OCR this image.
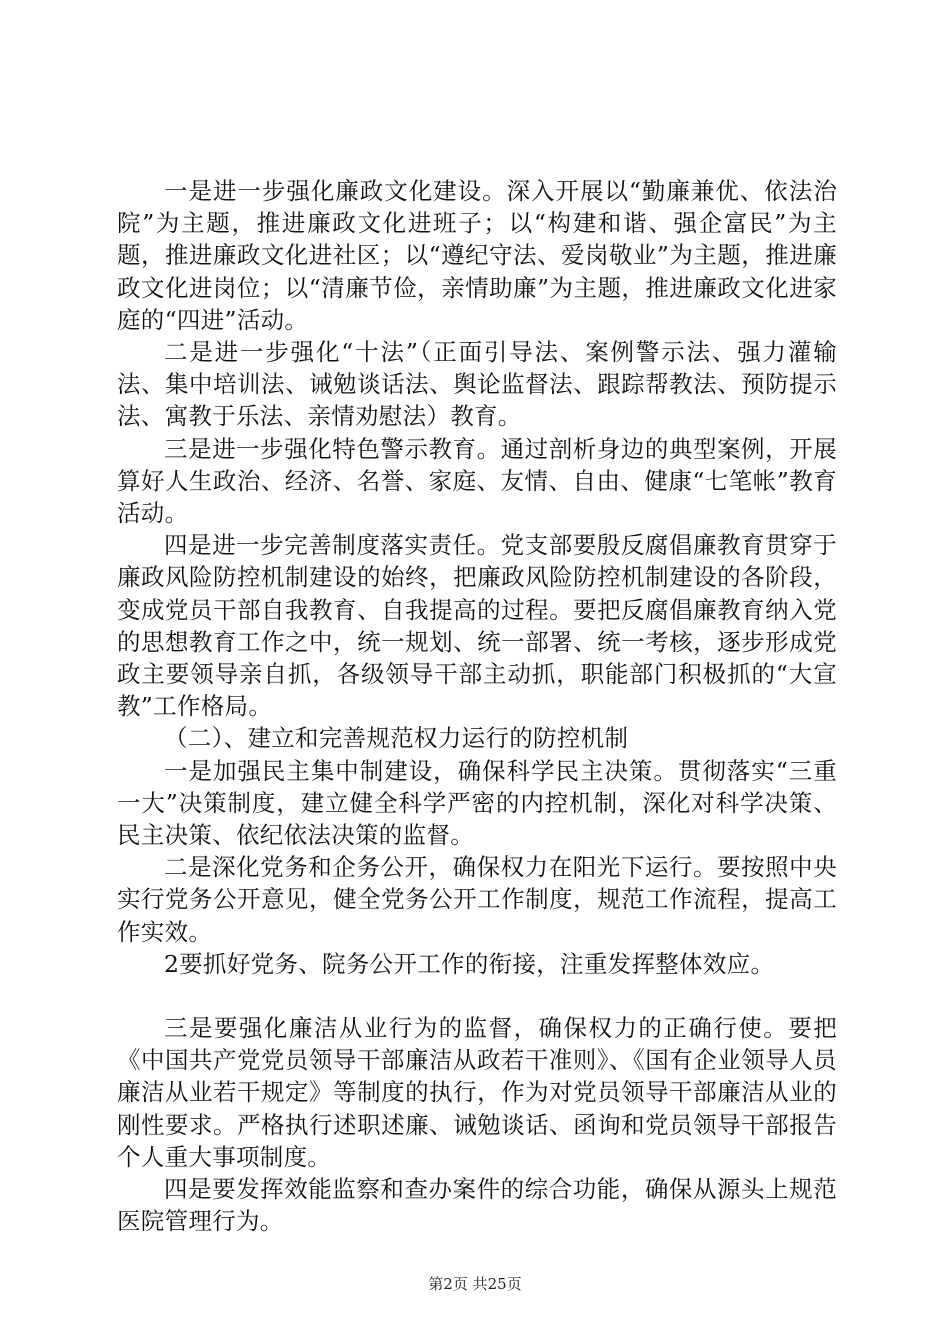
一是进一步强化廉政文化建设。深入开展以“勤廉兼优、依法治院”为主题，推进廉政文化进班子；以“构建和谐、强企富民”为主题，推进廉政文化进社区；以“遵纪守法、爱岗敬业”为主题，推进廉政文化进岗位；以“清廉节俭，亲情助廉”为主题，推进廉政文化进家庭的“四进”活动。

二是进一步强化“十法”（正面引导法、案例警示法、强力灌输法、集中培训法、诫勉谈话法、舆论监督法、跟踪帮教法、预防提示法、寓教于乐法、亲情劝慰法）教育。

三是进一步强化特色警示教育。通过剖析身边的典型案例，开展算好人生政治、经济、名誉、家庭、友情、自由、健康“七笔帐”教育活动。

四是进一步完善制度落实责任。党支部要殷反腐倡廉教育贯穿于廉政风险防控机制建设的始终，把廉政风险防控机制建设的各阶段，变成党员干部自我教育、自我提高的过程。要把反腐倡廉教育纳入党的思想教育工作之中，统一规划、统一部署、统一考核，逐步形成党政主要领导亲自抓，各级领导干部主动抓，职能部门积极抓的“大宣教”工作格局。

（二）、建立和完善规范权力运行的防控机制

一是加强民主集中制建设，确保科学民主决策。贯彻落实“三重一大”决策制度，建立健全科学严密的内控机制，深化对科学决策、民主决策、依纪依法决策的监督。

二是深化党务和企务公开，确保权力在阳光下运行。要按照中央实行党务公开意见，健全党务公开工作制度，规范工作流程，提高工作实效。

2要抓好党务、院务公开工作的衔接，注重发挥整体效应。

三是要强化廉洁从业行为的监督，确保权力的正确行使。要把《中国共产党党员领导干部廉洁从政若干准则》、《国有企业领导人员廉洁从业若干规定》等制度的执行，作为对党员领导干部廉洁从业的刚性要求。严格执行述职述廉、诫勉谈话、函询和党员领导干部报告个人重大事项制度。

四是要发挥效能监察和查办案件的综合功能，确保从源头上规范医院管理行为。

第2页 共25页
